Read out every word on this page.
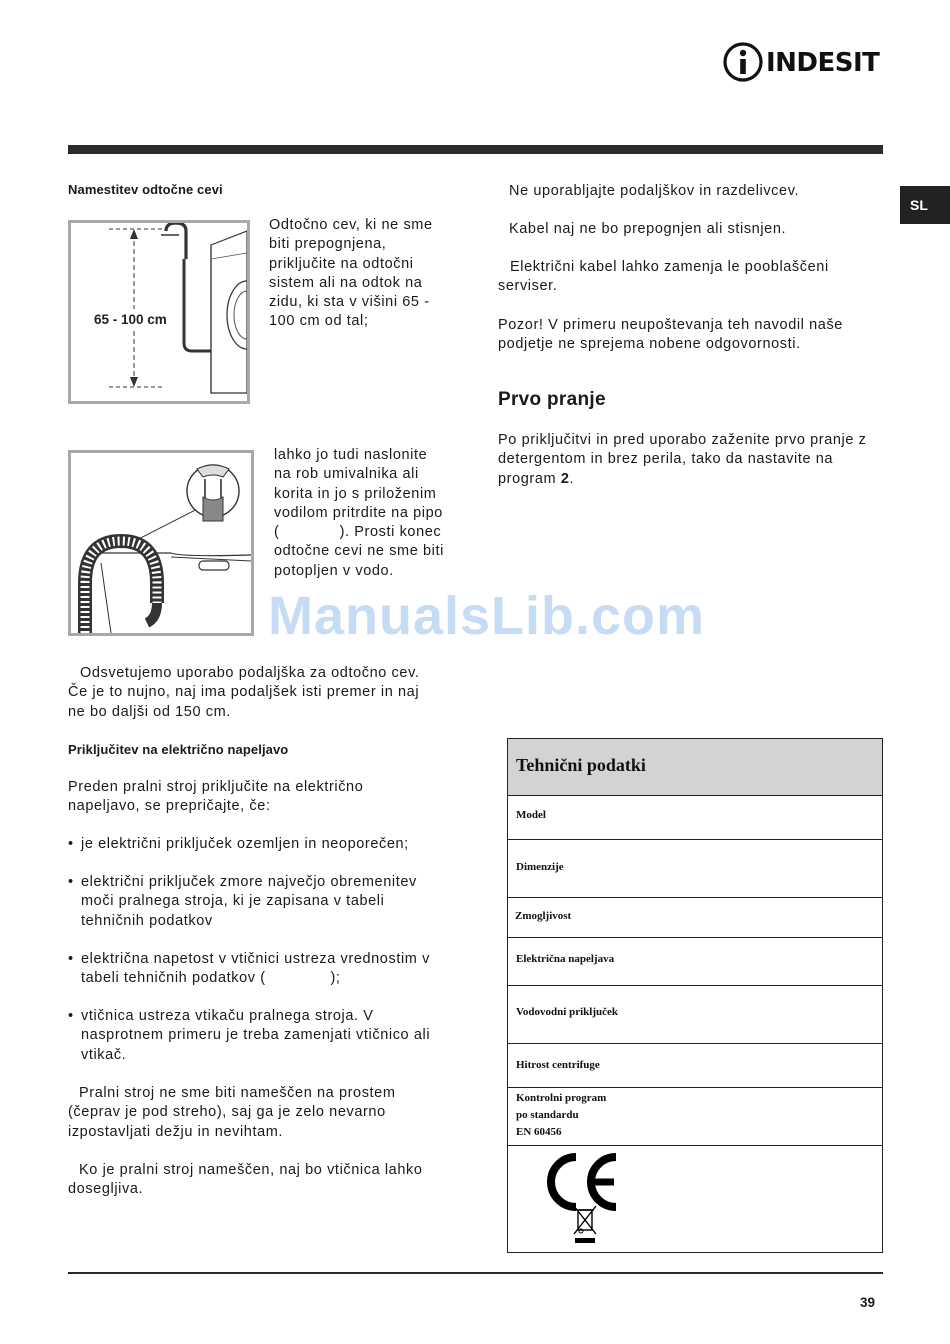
INDESIT
SL
Namestitev odtočne cevi
65 - 100 cm
Odtočno cev, ki ne sme
biti prepognjena,
priključite na odtočni
sistem ali na odtok na
zidu, ki sta v višini 65 -
100 cm od tal;
lahko jo tudi naslonite
na rob umivalnika ali
korita in jo s priloženim
vodilom pritrdite na pipo
(             ). Prosti konec
odtočne cevi ne sme biti
potopljen v vodo.
ManualsLib.com
Odsvetujemo uporabo podaljška za odtočno cev.
Če je to nujno, naj ima podaljšek isti premer in naj
ne bo daljši od 150 cm.
Priključitev na električno napeljavo
Preden pralni stroj priključite na električno
napeljavo, se prepričajte, če:
• je električni priključek ozemljen in neoporečen;
• električni priključek zmore največjo obremenitev
moči pralnega stroja, ki je zapisana v tabeli
tehničnih podatkov
• električna napetost v vtičnici ustreza vrednostim v
tabeli tehničnih podatkov (              );
• vtičnica ustreza vtikaču pralnega stroja. V
nasprotnem primeru je treba zamenjati vtičnico ali
vtikač.
Pralni stroj ne sme biti nameščen na prostem
(čeprav je pod streho), saj ga je zelo nevarno
izpostavljati dežju in nevihtam.
Ko je pralni stroj nameščen, naj bo vtičnica lahko
dosegljiva.
Ne uporabljajte podaljškov in razdelivcev.
Kabel naj ne bo prepognjen ali stisnjen.
Električni kabel lahko zamenja le pooblaščeni
serviser.
Pozor! V primeru neupoštevanja teh navodil naše
podjetje ne sprejema nobene odgovornosti.
Prvo pranje
Po priključitvi in pred uporabo zaženite prvo pranje z
detergentom in brez perila, tako da nastavite na
program 2.
Tehnični podatki
Model
Dimenzije
Zmogljivost
Električna napeljava
Vodovodni priključek
Hitrost centrifuge
Kontrolni program
po standardu
EN 60456
39
